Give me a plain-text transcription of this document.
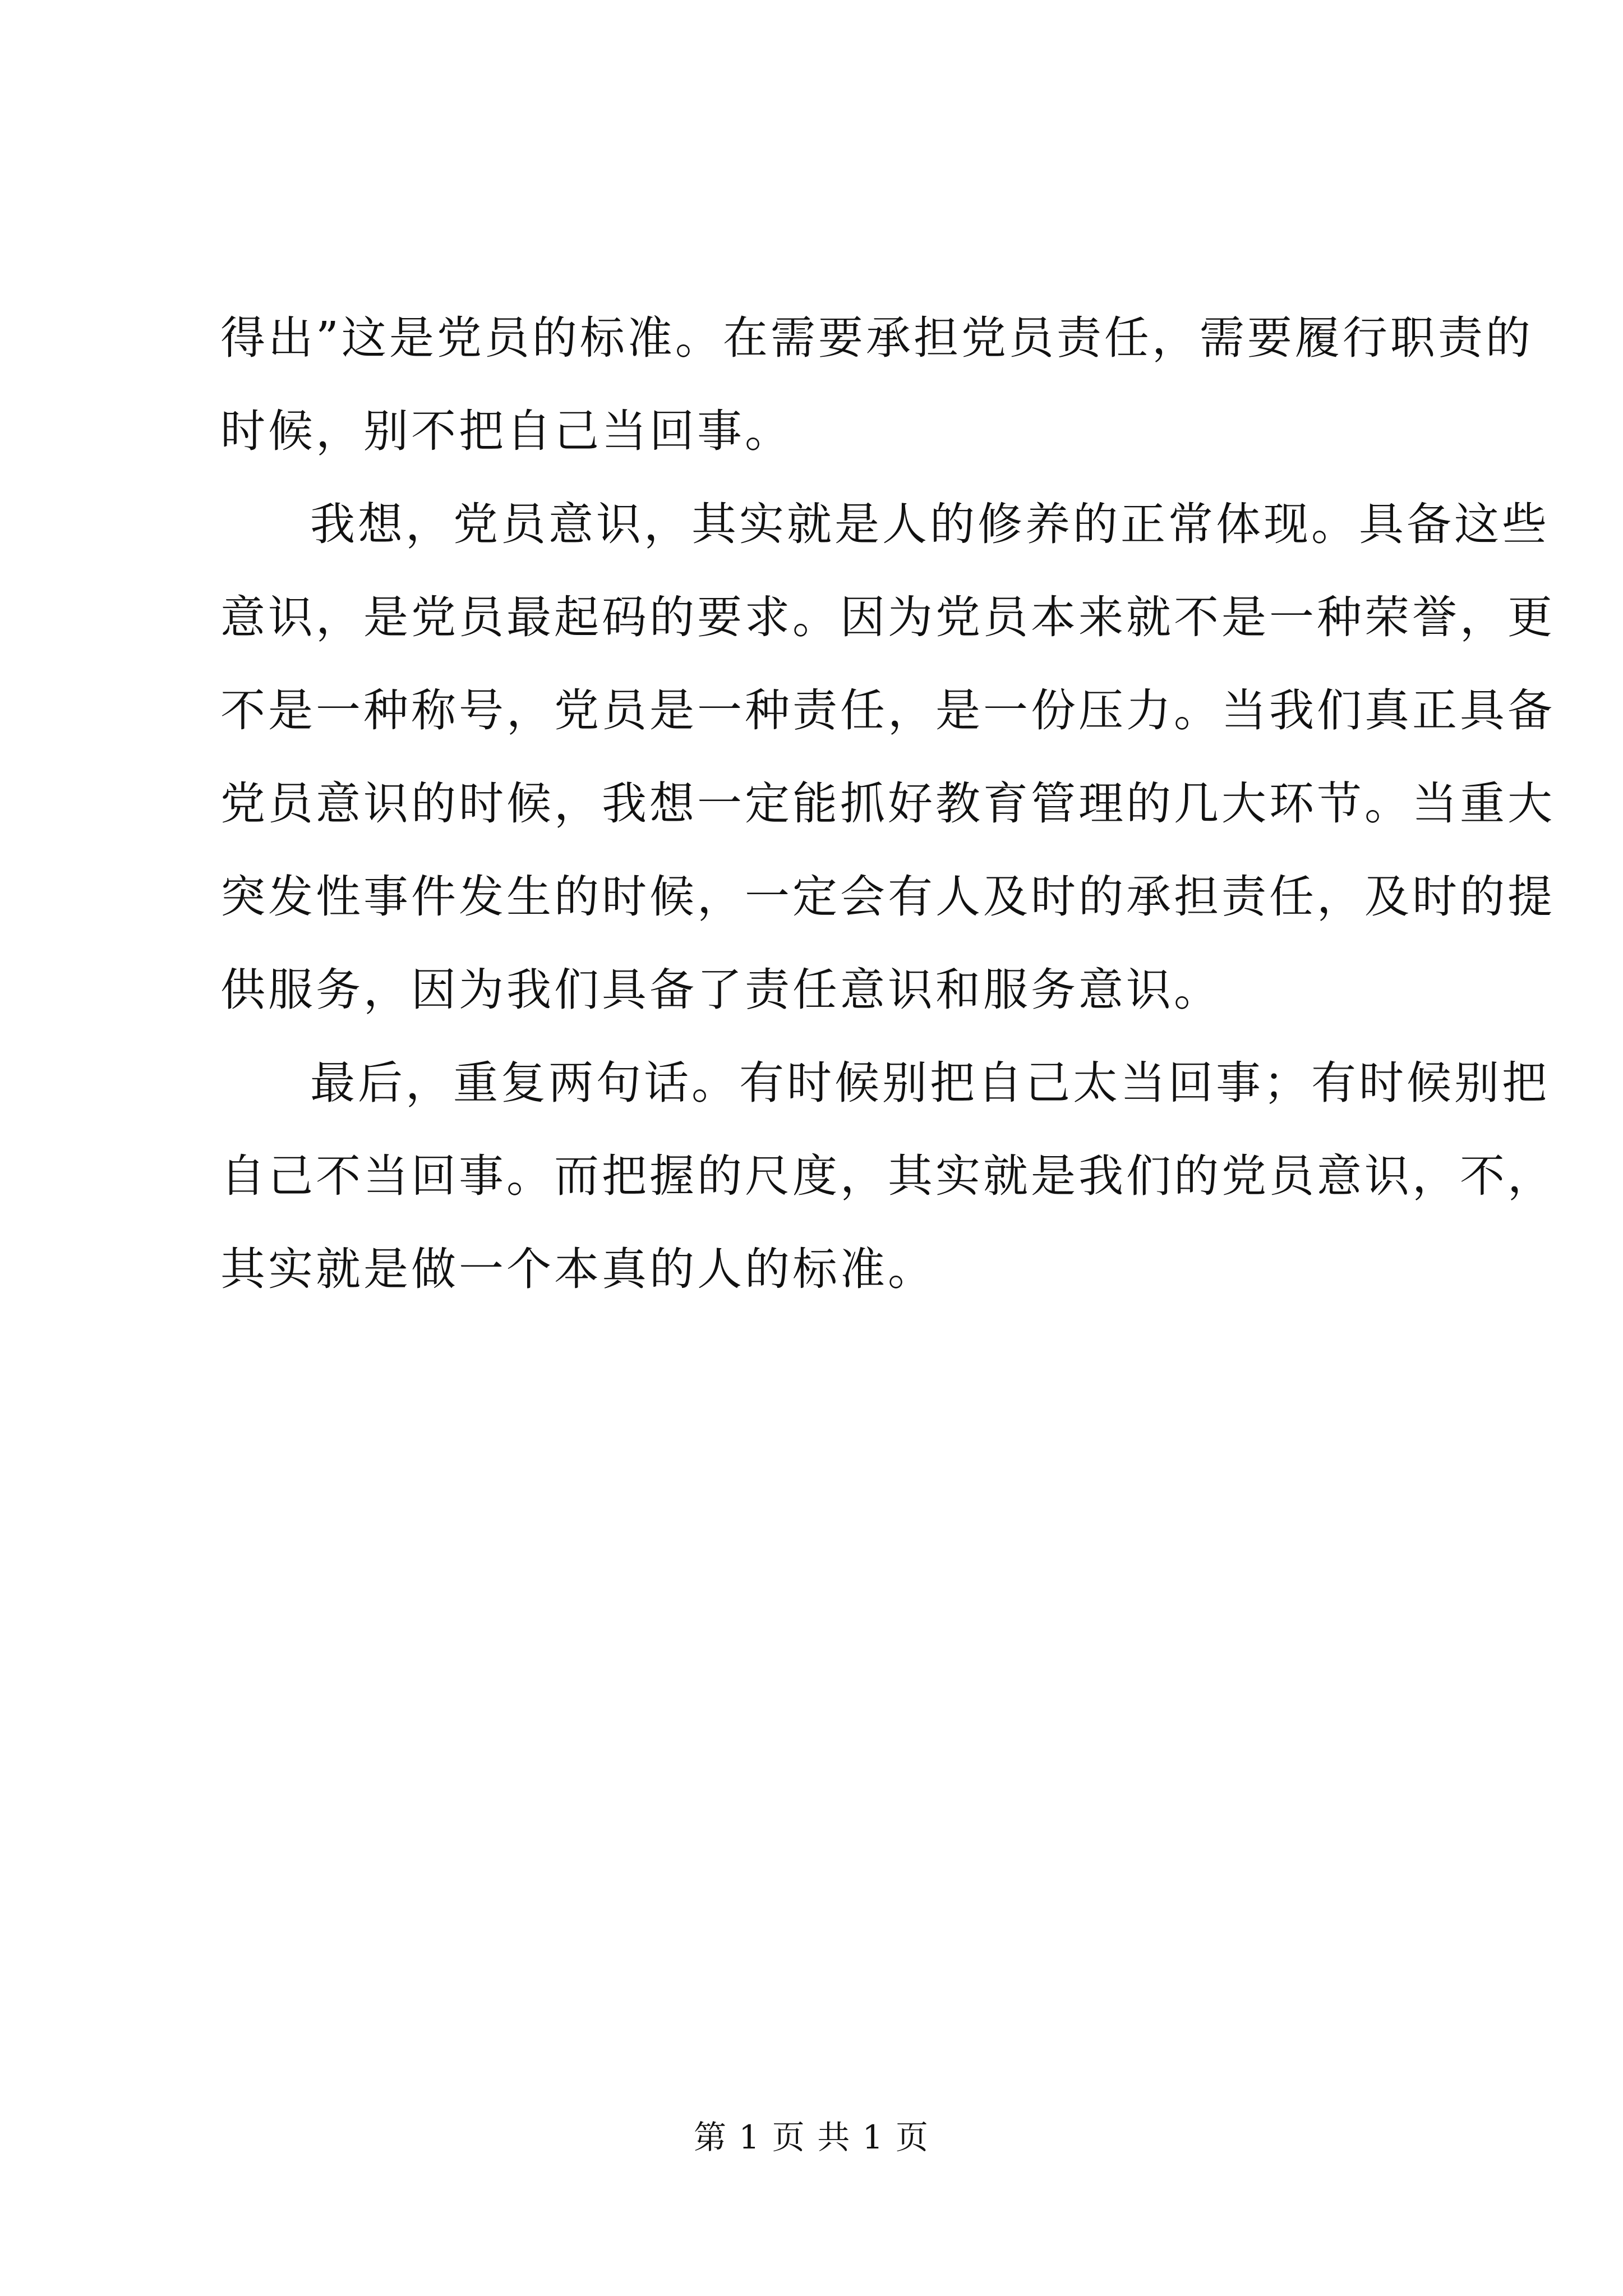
得出”这是党员的标准。在需要承担党员责任，需要履行职责的
时候，别不把自己当回事。
我想，党员意识，其实就是人的修养的正常体现。具备这些
意识，是党员最起码的要求。因为党员本来就不是一种荣誉，更
不是一种称号，党员是一种责任，是一份压力。当我们真正具备
党员意识的时候，我想一定能抓好教育管理的几大环节。当重大
突发性事件发生的时候，一定会有人及时的承担责任，及时的提
供服务，因为我们具备了责任意识和服务意识。
最后，重复两句话。有时候别把自己太当回事；有时候别把
自己不当回事。而把握的尺度，其实就是我们的党员意识，不，
其实就是做一个本真的人的标准。
第 1 页 共 1 页
